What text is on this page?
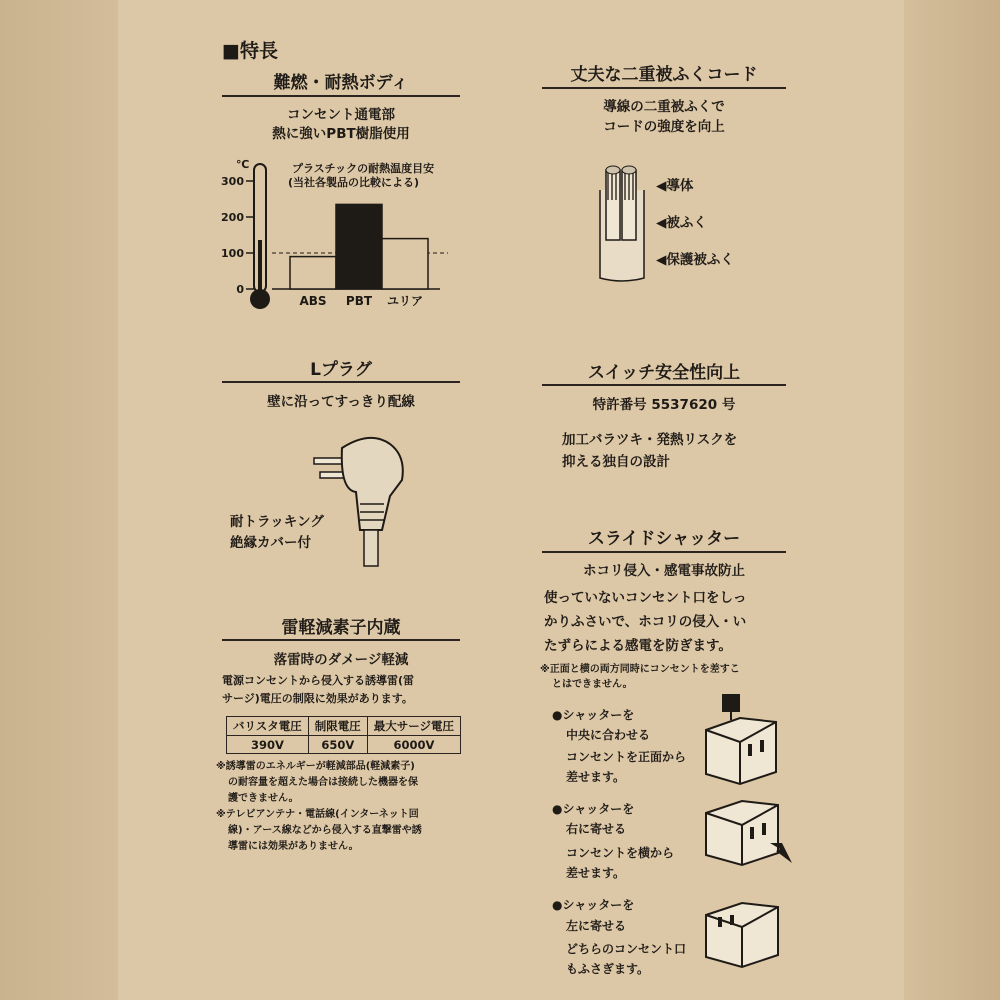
■特長
難燃・耐熱ボディ
コンセント通電部
熱に強いPBT樹脂使用
℃
300
200
100
0
ABS PBT ユリア
プラスチックの耐熱温度目安
(当社各製品の比較による)
丈夫な二重被ふくコード
導線の二重被ふくで
コードの強度を向上
◀導体
◀被ふく
◀保護被ふく
Lプラグ
壁に沿ってすっきり配線
耐トラッキング
絶縁カバー付
スイッチ安全性向上
特許番号 5537620 号
加工バラツキ・発熱リスクを
抑える独自の設計
雷軽減素子内蔵
落雷時のダメージ軽減
電源コンセントから侵入する誘導雷(雷
サージ)電圧の制限に効果があります。
バリスタ電圧	制限電圧	最大サージ電圧
390V	650V	6000V
※誘導雷のエネルギーが軽減部品(軽減素子)
の耐容量を超えた場合は接続した機器を保
護できません。
※テレビアンテナ・電話線(インターネット回
線)・アース線などから侵入する直撃雷や誘
導雷には効果がありません。
スライドシャッター
ホコリ侵入・感電事故防止
使っていないコンセント口をしっ
かりふさいで、ホコリの侵入・い
たずらによる感電を防ぎます。
※正面と横の両方同時にコンセントを差すこ
とはできません。
●シャッターを
中央に合わせる
コンセントを正面から
差せます。
●シャッターを
右に寄せる
コンセントを横から
差せます。
●シャッターを
左に寄せる
どちらのコンセント口
もふさぎます。
